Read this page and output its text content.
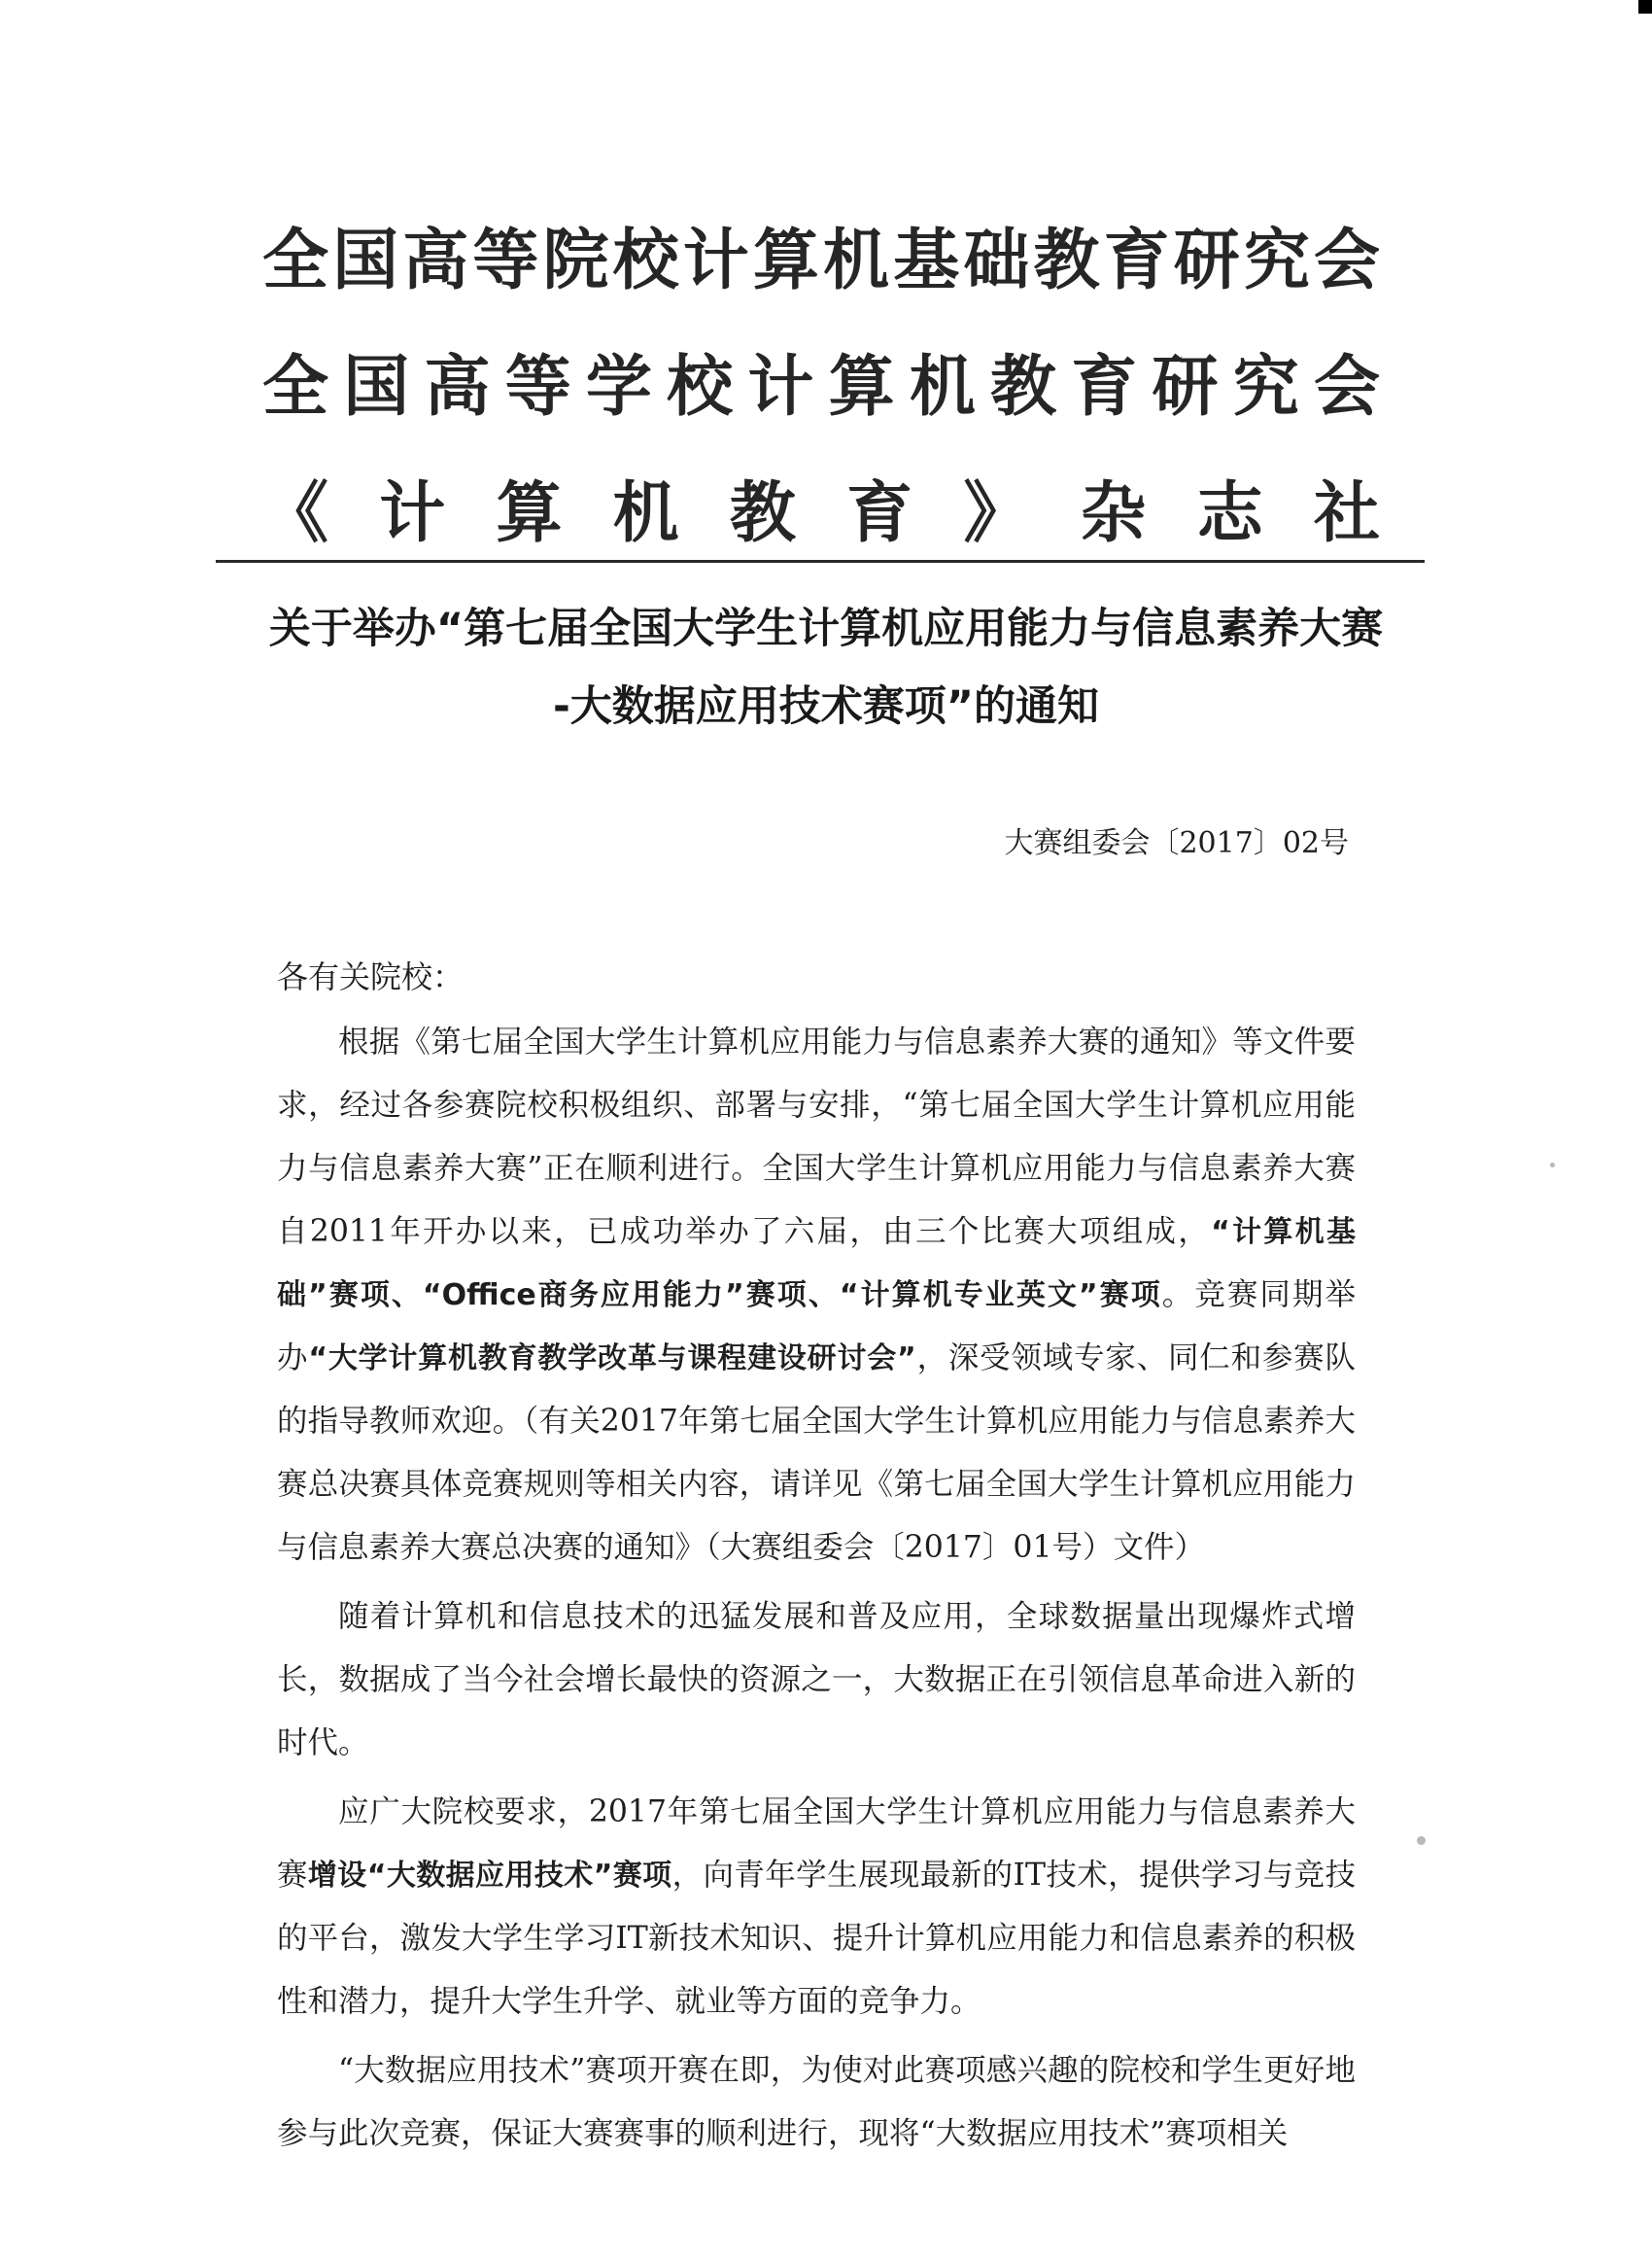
全国高等院校计算机基础教育研究会
全国高等学校计算机教育研究会
《计算机教育》杂志社
关于举办“第七届全国大学生计算机应用能力与信息素养大赛
-大数据应用技术赛项”的通知
大赛组委会〔2017〕02号
各有关院校：

根据《第七届全国大学生计算机应用能力与信息素养大赛的通知》等文件要求，经过各参赛院校积极组织、部署与安排，“第七届全国大学生计算机应用能力与信息素养大赛”正在顺利进行。全国大学生计算机应用能力与信息素养大赛自2011年开办以来，已成功举办了六届，由三个比赛大项组成，“计算机基础”赛项、“Office商务应用能力”赛项、“计算机专业英文”赛项。竞赛同期举办“大学计算机教育教学改革与课程建设研讨会”，深受领域专家、同仁和参赛队的指导教师欢迎。（有关2017年第七届全国大学生计算机应用能力与信息素养大赛总决赛具体竞赛规则等相关内容，请详见《第七届全国大学生计算机应用能力与信息素养大赛总决赛的通知》（大赛组委会〔2017〕01号）文件）

随着计算机和信息技术的迅猛发展和普及应用，全球数据量出现爆炸式增长，数据成了当今社会增长最快的资源之一，大数据正在引领信息革命进入新的时代。

应广大院校要求，2017年第七届全国大学生计算机应用能力与信息素养大赛增设“大数据应用技术”赛项，向青年学生展现最新的IT技术，提供学习与竞技的平台，激发大学生学习IT新技术知识、提升计算机应用能力和信息素养的积极性和潜力，提升大学生升学、就业等方面的竞争力。

“大数据应用技术”赛项开赛在即，为使对此赛项感兴趣的院校和学生更好地参与此次竞赛，保证大赛赛事的顺利进行，现将“大数据应用技术”赛项相关
